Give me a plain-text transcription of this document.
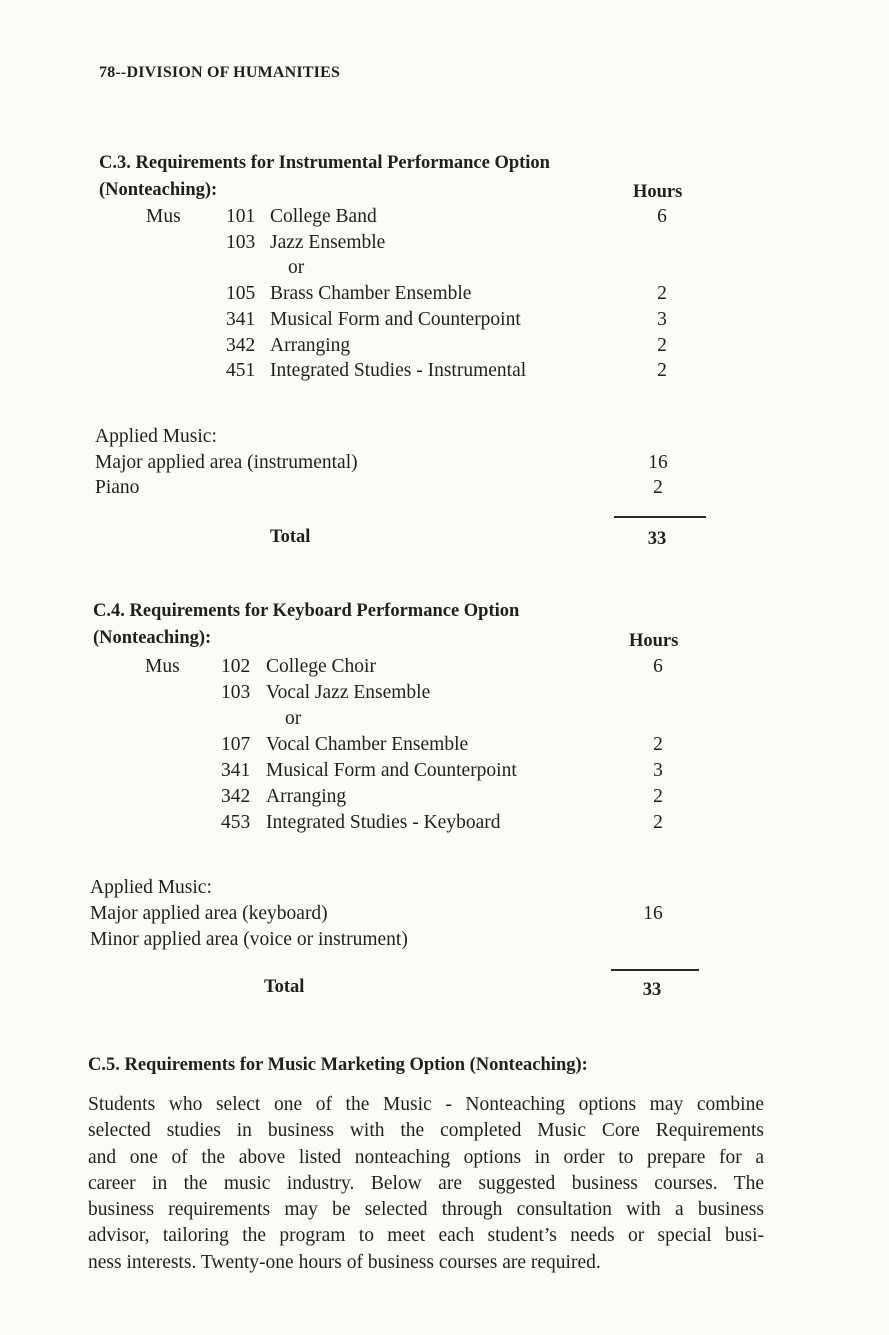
78--DIVISION OF HUMANITIES
C.3. Requirements for Instrumental Performance Option
(Nonteaching):	Hours
Mus 101 College Band	6
103 Jazz Ensemble
or
105 Brass Chamber Ensemble	2
341 Musical Form and Counterpoint	3
342 Arranging	2
451 Integrated Studies - Instrumental	2
Applied Music:
Major applied area (instrumental)	16
Piano	2
Total	33
C.4. Requirements for Keyboard Performance Option
(Nonteaching):	Hours
Mus 102 College Choir	6
103 Vocal Jazz Ensemble
or
107 Vocal Chamber Ensemble	2
341 Musical Form and Counterpoint	3
342 Arranging	2
453 Integrated Studies - Keyboard	2
Applied Music:
Major applied area (keyboard)	16
Minor applied area (voice or instrument)
Total	33
C.5. Requirements for Music Marketing Option (Nonteaching):
Students who select one of the Music - Nonteaching options may combine
selected studies in business with the completed Music Core Requirements
and one of the above listed nonteaching options in order to prepare for a
career in the music industry. Below are suggested business courses. The
business requirements may be selected through consultation with a business
advisor, tailoring the program to meet each student’s needs or special busi-
ness interests. Twenty-one hours of business courses are required.
